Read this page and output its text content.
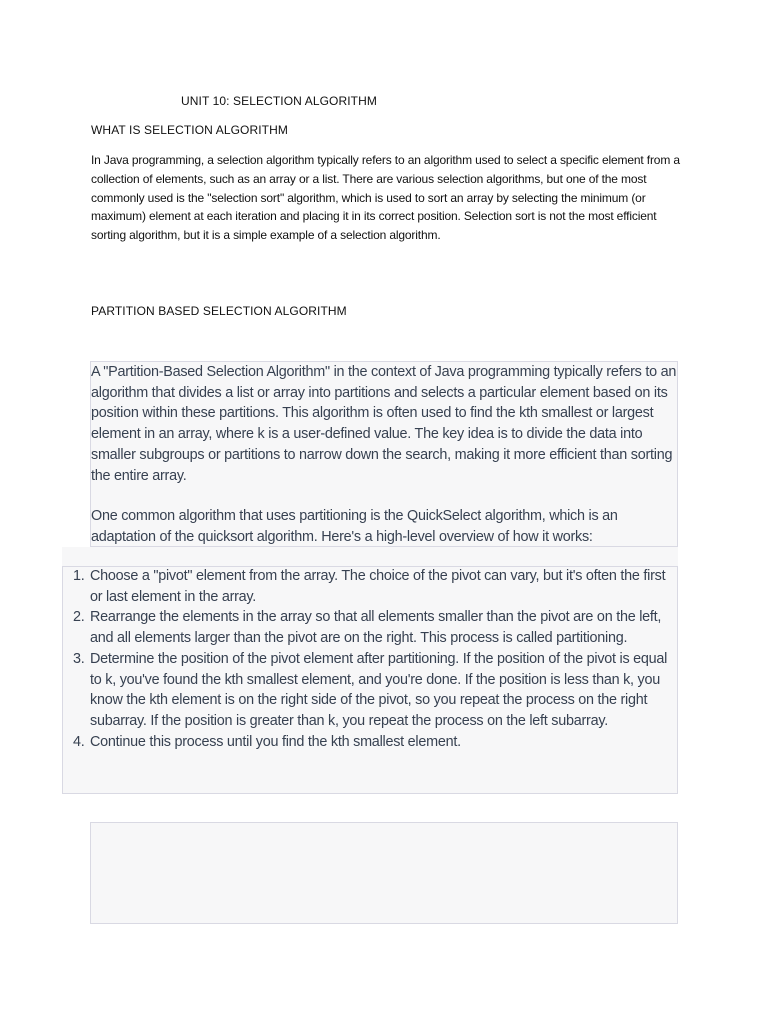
UNIT 10: SELECTION ALGORITHM
WHAT IS SELECTION ALGORITHM

In Java programming, a selection algorithm typically refers to an algorithm used to select a specific element from a collection of elements, such as an array or a list. There are various selection algorithms, but one of the most commonly used is the "selection sort" algorithm, which is used to sort an array by selecting the minimum (or maximum) element at each iteration and placing it in its correct position. Selection sort is not the most efficient sorting algorithm, but it is a simple example of a selection algorithm.

PARTITION BASED SELECTION ALGORITHM

A "Partition-Based Selection Algorithm" in the context of Java programming typically refers to an algorithm that divides a list or array into partitions and selects a particular element based on its position within these partitions. This algorithm is often used to find the kth smallest or largest element in an array, where k is a user-defined value. The key idea is to divide the data into smaller subgroups or partitions to narrow down the search, making it more efficient than sorting the entire array.

One common algorithm that uses partitioning is the QuickSelect algorithm, which is an adaptation of the quicksort algorithm. Here's a high-level overview of how it works:

1. Choose a "pivot" element from the array. The choice of the pivot can vary, but it's often the first or last element in the array.
2. Rearrange the elements in the array so that all elements smaller than the pivot are on the left, and all elements larger than the pivot are on the right. This process is called partitioning.
3. Determine the position of the pivot element after partitioning. If the position of the pivot is equal to k, you've found the kth smallest element, and you're done. If the position is less than k, you know the kth element is on the right side of the pivot, so you repeat the process on the right subarray. If the position is greater than k, you repeat the process on the left subarray.
4. Continue this process until you find the kth smallest element.
